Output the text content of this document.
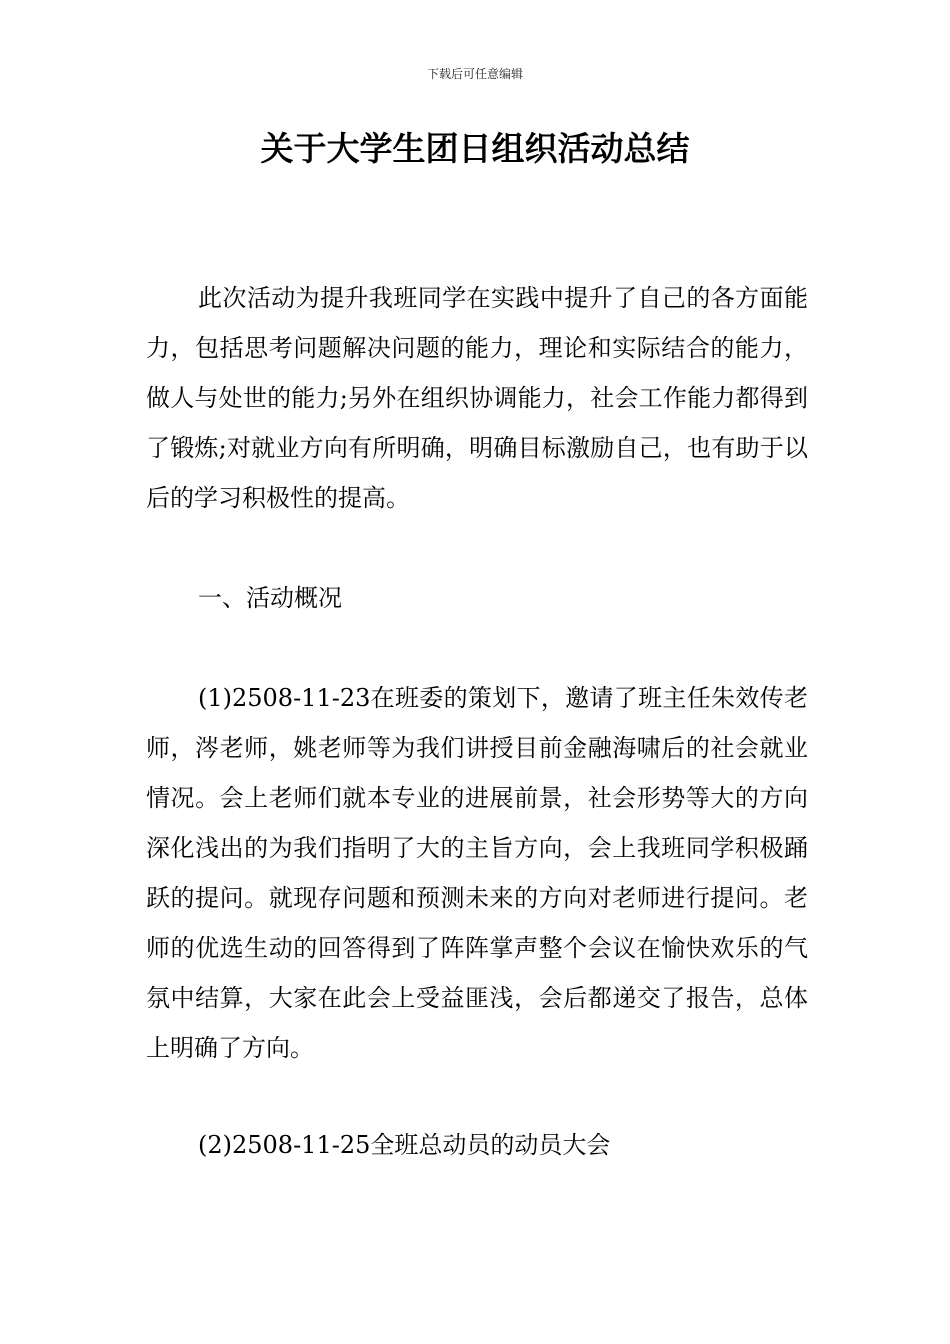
下载后可任意编辑
关于大学生团日组织活动总结

此次活动为提升我班同学在实践中提升了自己的各方面能力，包括思考问题解决问题的能力，理论和实际结合的能力，做人与处世的能力;另外在组织协调能力，社会工作能力都得到了锻炼;对就业方向有所明确，明确目标激励自己，也有助于以后的学习积极性的提高。

一、活动概况

(1)2508-11-23在班委的策划下，邀请了班主任朱效传老师，涔老师，姚老师等为我们讲授目前金融海啸后的社会就业情况。会上老师们就本专业的进展前景，社会形势等大的方向深化浅出的为我们指明了大的主旨方向，会上我班同学积极踊跃的提问。就现存问题和预测未来的方向对老师进行提问。老师的优选生动的回答得到了阵阵掌声整个会议在愉快欢乐的气氛中结算，大家在此会上受益匪浅，会后都递交了报告，总体上明确了方向。

(2)2508-11-25全班总动员的动员大会
